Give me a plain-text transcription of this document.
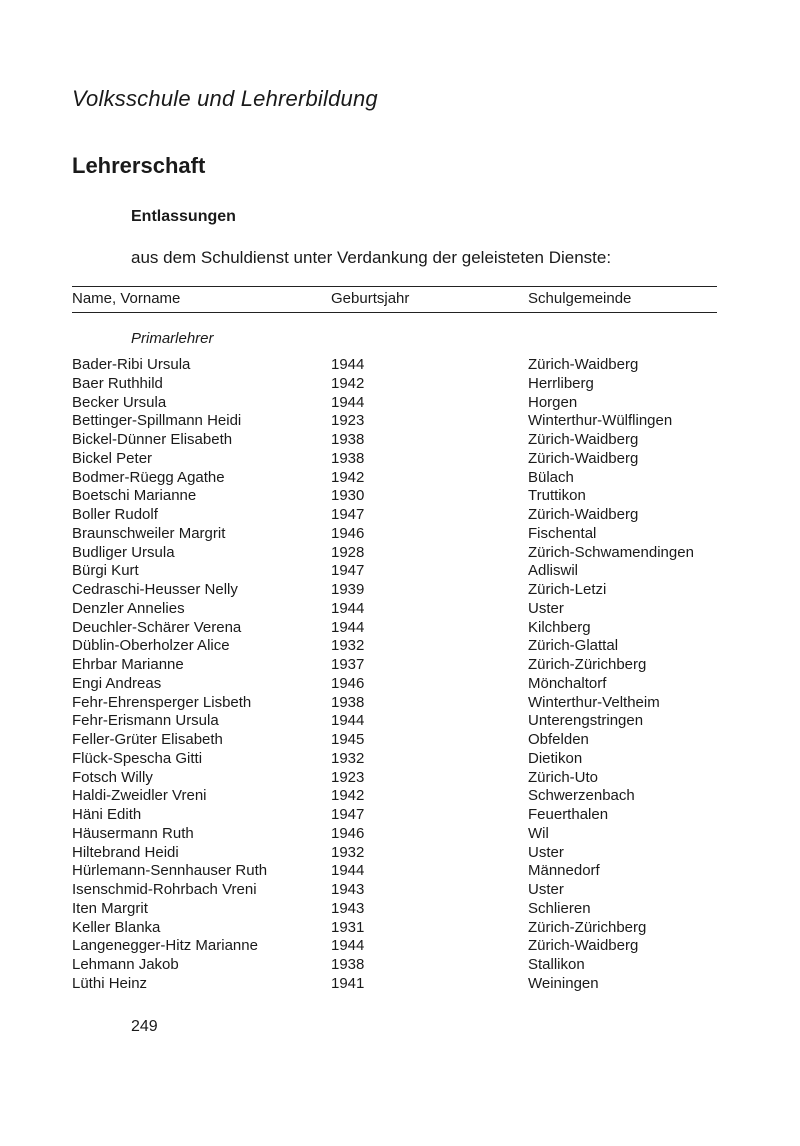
Volksschule und Lehrerbildung
Lehrerschaft
Entlassungen

aus dem Schuldienst unter Verdankung der geleisteten Dienste:

Name, Vorname	Geburtsjahr	Schulgemeinde
Primarlehrer
Bader-Ribi Ursula	1944	Zürich-Waidberg
Baer Ruthhild	1942	Herrliberg
Becker Ursula	1944	Horgen
Bettinger-Spillmann Heidi	1923	Winterthur-Wülflingen
Bickel-Dünner Elisabeth	1938	Zürich-Waidberg
Bickel Peter	1938	Zürich-Waidberg
Bodmer-Rüegg Agathe	1942	Bülach
Boetschi Marianne	1930	Truttikon
Boller Rudolf	1947	Zürich-Waidberg
Braunschweiler Margrit	1946	Fischental
Budliger Ursula	1928	Zürich-Schwamendingen
Bürgi Kurt	1947	Adliswil
Cedraschi-Heusser Nelly	1939	Zürich-Letzi
Denzler Annelies	1944	Uster
Deuchler-Schärer Verena	1944	Kilchberg
Düblin-Oberholzer Alice	1932	Zürich-Glattal
Ehrbar Marianne	1937	Zürich-Zürichberg
Engi Andreas	1946	Mönchaltorf
Fehr-Ehrensperger Lisbeth	1938	Winterthur-Veltheim
Fehr-Erismann Ursula	1944	Unterengstringen
Feller-Grüter Elisabeth	1945	Obfelden
Flück-Spescha Gitti	1932	Dietikon
Fotsch Willy	1923	Zürich-Uto
Haldi-Zweidler Vreni	1942	Schwerzenbach
Häni Edith	1947	Feuerthalen
Häusermann Ruth	1946	Wil
Hiltebrand Heidi	1932	Uster
Hürlemann-Sennhauser Ruth	1944	Männedorf
Isenschmid-Rohrbach Vreni	1943	Uster
Iten Margrit	1943	Schlieren
Keller Blanka	1931	Zürich-Zürichberg
Langenegger-Hitz Marianne	1944	Zürich-Waidberg
Lehmann Jakob	1938	Stallikon
Lüthi Heinz	1941	Weiningen
249
